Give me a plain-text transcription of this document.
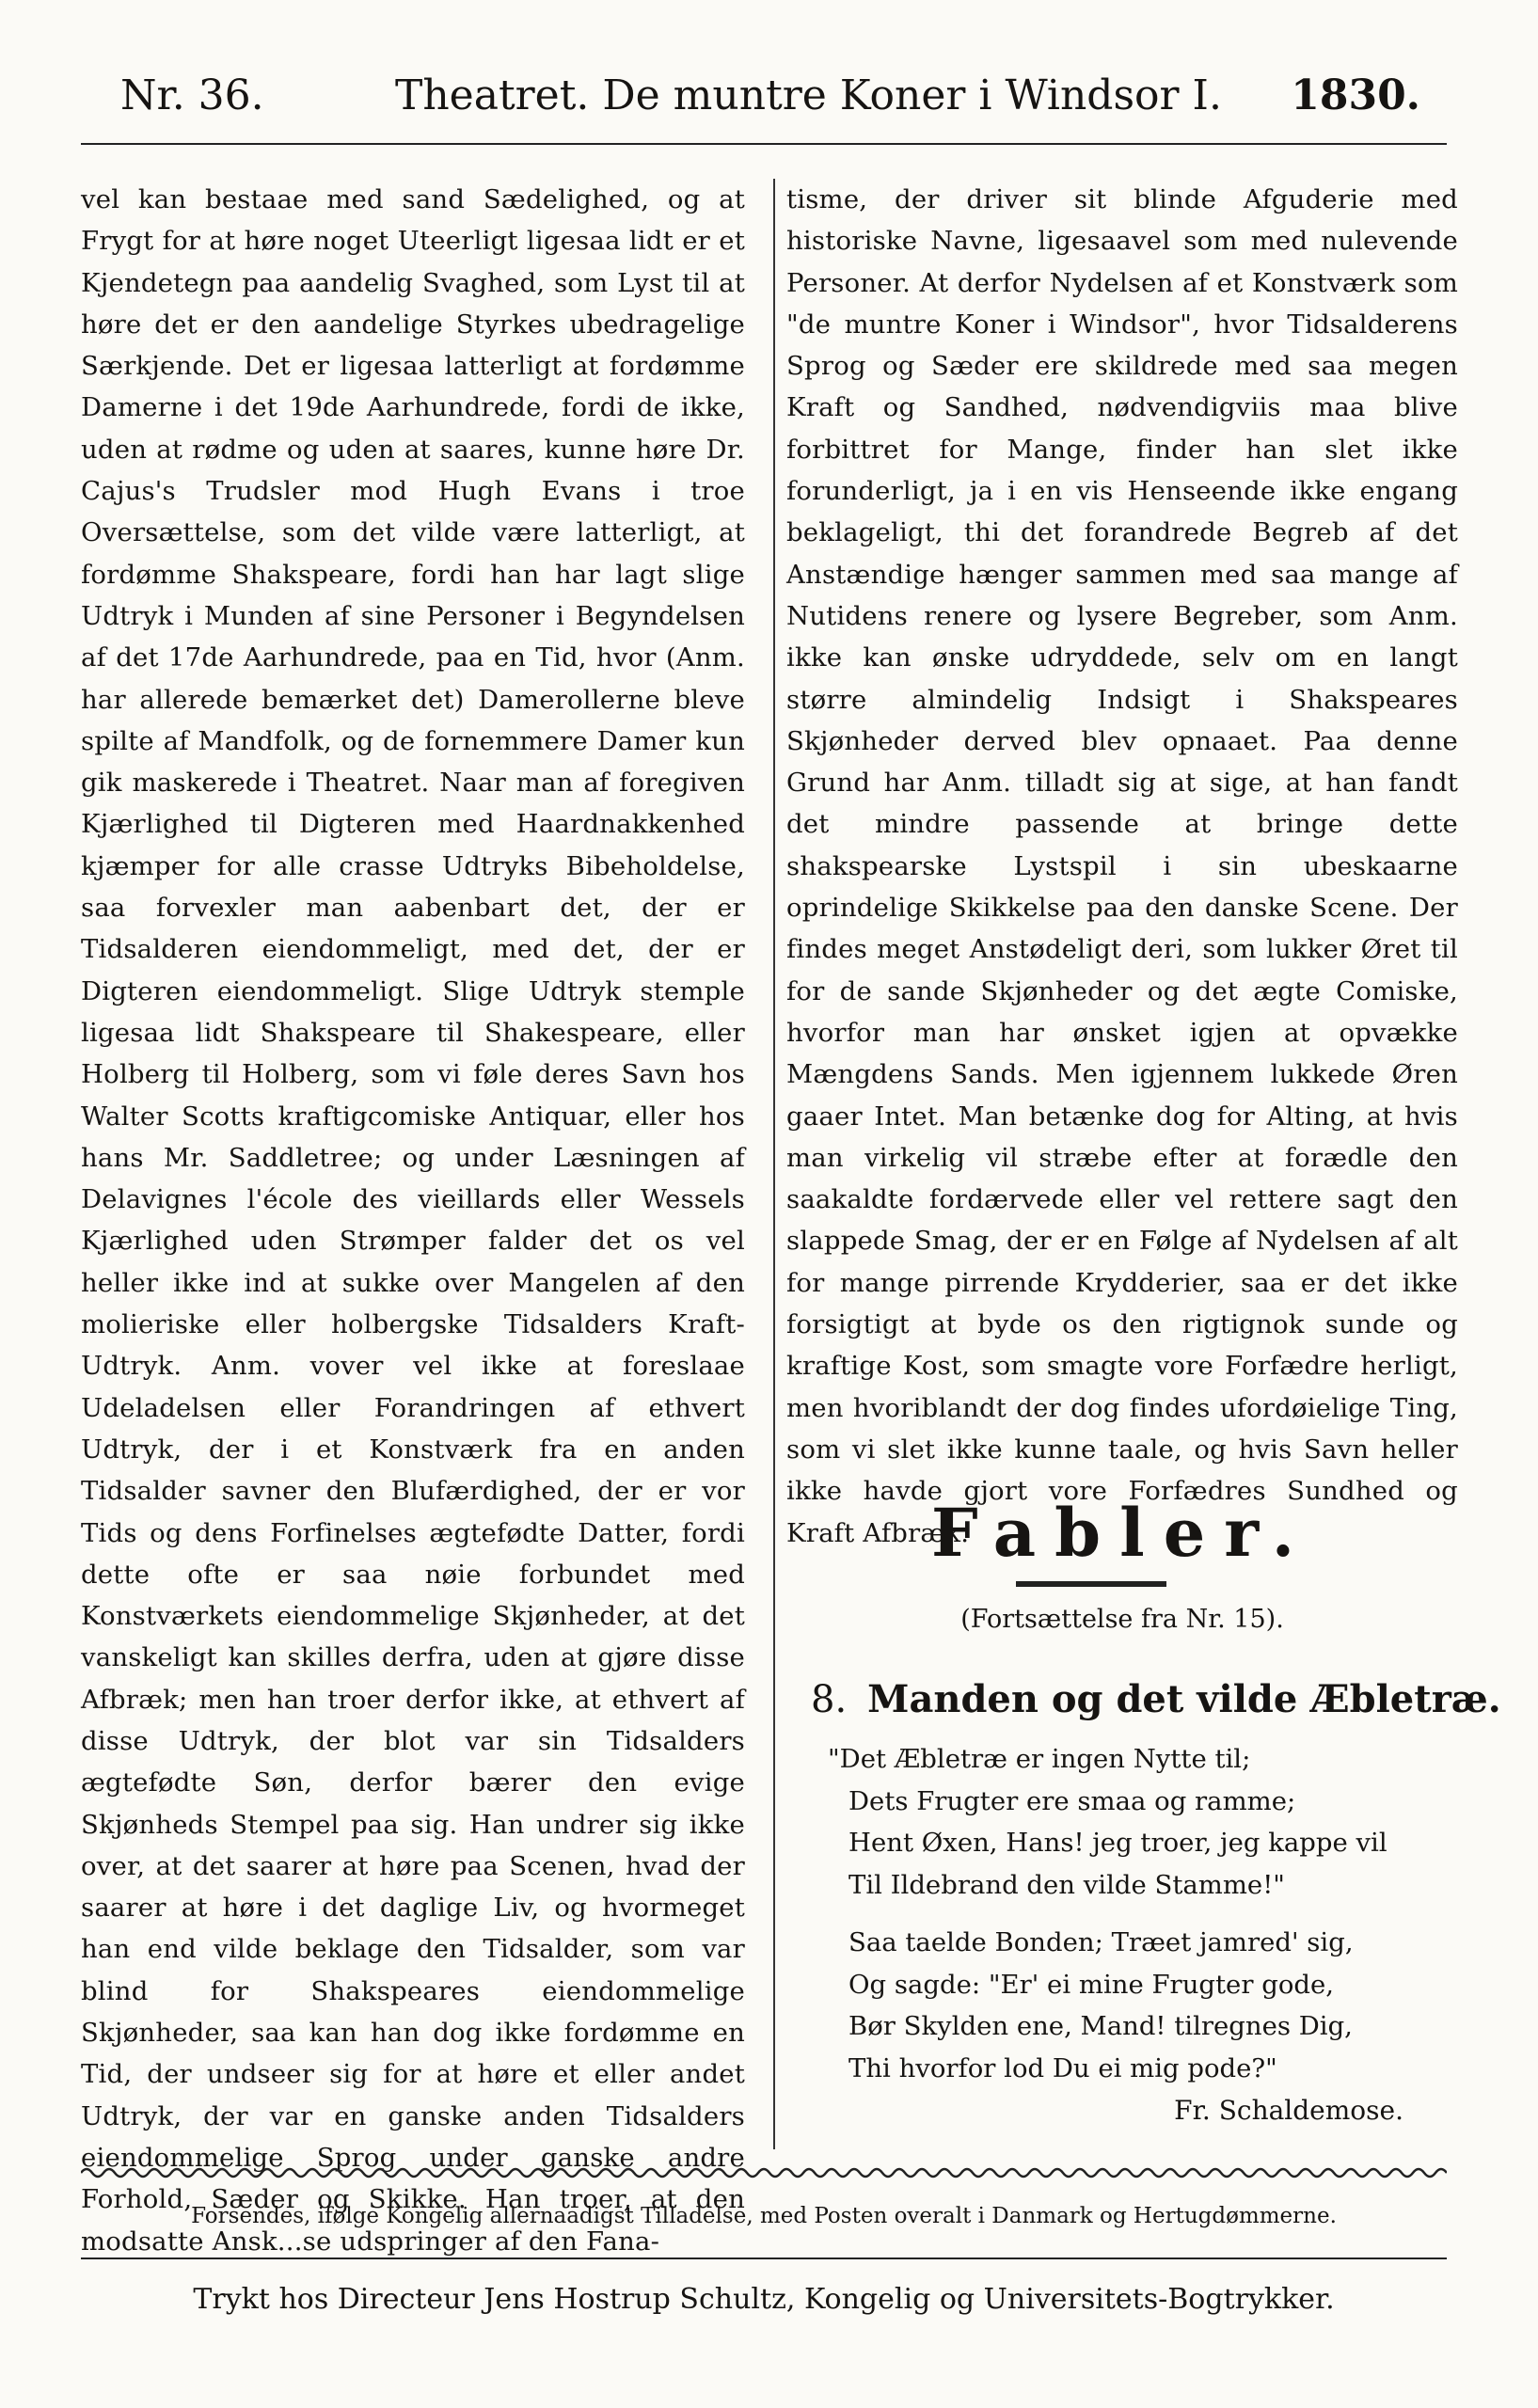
Nr. 36.	Theatret. De muntre Koner i Windsor I. 1830.

vel kan bestaae med sand Sædelighed, og at Frygt for at høre noget Uteerligt ligesaa lidt er et Kjendetegn paa aandelig Svaghed, som Lyst til at høre det er den aandelige Styrkes ubedragelige Særkjende. Det er ligesaa latterligt at fordømme Damerne i det 19de Aarhundrede, fordi de ikke, uden at rødme og uden at saares, kunne høre Dr. Cajus's Trudsler mod Hugh Evans i troe Oversættelse, som det vilde være latterligt, at fordømme Shakspeare, fordi han har lagt slige Udtryk i Munden af sine Personer i Begyndelsen af det 17de Aarhundrede, paa en Tid, hvor (Anm. har allerede bemærket det) Damerollerne bleve spilte af Mandfolk, og de fornemmere Damer kun gik maskerede i Theatret. Naar man af foregiven Kjærlighed til Digteren med Haardnakkenhed kjæmper for alle crasse Udtryks Bibeholdelse, saa forvexler man aabenbart det, der er Tidsalderen eiendommeligt, med det, der er Digteren eiendommeligt. Slige Udtryk stemple ligesaa lidt Shakspeare til Shakespeare, eller Holberg til Holberg, som vi føle deres Savn hos Walter Scotts kraftigcomiske Antiquar, eller hos hans Mr. Saddletree; og under Læsningen af Delavignes l'école des vieillards eller Wessels Kjærlighed uden Strømper falder det os vel heller ikke ind at sukke over Mangelen af den molieriske eller holbergske Tidsalders Kraft-Udtryk. Anm. vover vel ikke at foreslaae Udeladelsen eller Forandringen af ethvert Udtryk, der i et Konstværk fra en anden Tidsalder savner den Blufærdighed, der er vor Tids og dens Forfinelses ægtefødte Datter, fordi dette ofte er saa nøie forbundet med Konstværkets eiendommelige Skjønheder, at det vanskeligt kan skilles derfra, uden at gjøre disse Afbræk; men han troer derfor ikke, at ethvert af disse Udtryk, der blot var sin Tidsalders ægtefødte Søn, derfor bærer den evige Skjønheds Stempel paa sig. Han undrer sig ikke over, at det saarer at høre paa Scenen, hvad der saarer at høre i det daglige Liv, og hvormeget han end vilde beklage den Tidsalder, som var blind for Shakspeares eiendommelige Skjønheder, saa kan han dog ikke fordømme en Tid, der undseer sig for at høre et eller andet Udtryk, der var en ganske anden Tidsalders eiendommelige Sprog under ganske andre Forhold, Sæder og Skikke. Han troer, at den modsatte Ansk...se udspringer af den Fana-

tisme, der driver sit blinde Afguderie med historiske Navne, ligesaavel som med nulevende Personer. At derfor Nydelsen af et Konstværk som "de muntre Koner i Windsor", hvor Tidsalderens Sprog og Sæder ere skildrede med saa megen Kraft og Sandhed, nødvendigviis maa blive forbittret for Mange, finder han slet ikke forunderligt, ja i en vis Henseende ikke engang beklageligt, thi det forandrede Begreb af det Anstændige hænger sammen med saa mange af Nutidens renere og lysere Begreber, som Anm. ikke kan ønske udryddede, selv om en langt større almindelig Indsigt i Shakspeares Skjønheder derved blev opnaaet. Paa denne Grund har Anm. tilladt sig at sige, at han fandt det mindre passende at bringe dette shakspearske Lystspil i sin ubeskaarne oprindelige Skikkelse paa den danske Scene. Der findes meget Anstødeligt deri, som lukker Øret til for de sande Skjønheder og det ægte Comiske, hvorfor man har ønsket igjen at opvække Mængdens Sands. Men igjennem lukkede Øren gaaer Intet. Man betænke dog for Alting, at hvis man virkelig vil stræbe efter at forædle den saakaldte fordærvede eller vel rettere sagt den slappede Smag, der er en Følge af Nydelsen af alt for mange pirrende Krydderier, saa er det ikke forsigtigt at byde os den rigtignok sunde og kraftige Kost, som smagte vore Forfædre herligt, men hvoriblandt der dog findes ufordøielige Ting, som vi slet ikke kunne taale, og hvis Savn heller ikke havde gjort vore Forfædres Sundhed og Kraft Afbræk.

Fabler.
(Fortsættelse fra Nr. 15).
8. Manden og det vilde Æbletræ.
"Det Æbletræ er ingen Nytte til;
Dets Frugter ere smaa og ramme;
Hent Øxen, Hans! jeg troer, jeg kappe vil
Til Ildebrand den vilde Stamme!"
Saa taelde Bonden; Træet jamred' sig,
Og sagde: "Er' ei mine Frugter gode,
Bør Skylden ene, Mand! tilregnes Dig,
Thi hvorfor lod Du ei mig pode?"
Fr. Schaldemose.
Forsendes, ifølge Kongelig allernaadigst Tilladelse, med Posten overalt i Danmark og Hertugdømmerne.
Trykt hos Directeur Jens Hostrup Schultz, Kongelig og Universitets-Bogtrykker.
